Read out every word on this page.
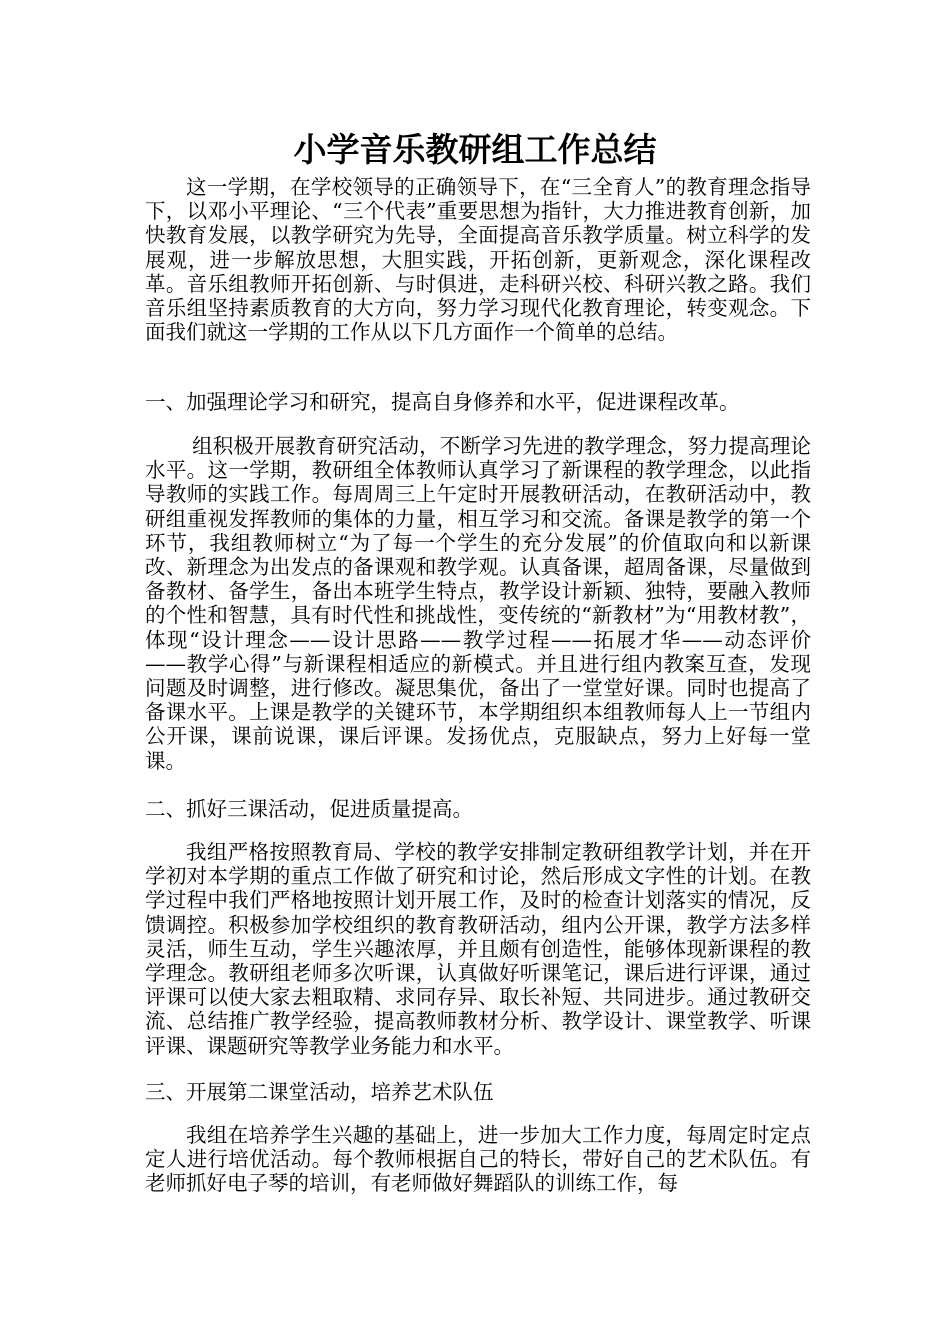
小学音乐教研组工作总结

这一学期，在学校领导的正确领导下，在“三全育人”的教育理念指导下，以邓小平理论、“三个代表”重要思想为指针，大力推进教育创新，加快教育发展，以教学研究为先导，全面提高音乐教学质量。树立科学的发展观，进一步解放思想，大胆实践，开拓创新，更新观念，深化课程改革。音乐组教师开拓创新、与时俱进，走科研兴校、科研兴教之路。我们音乐组坚持素质教育的大方向，努力学习现代化教育理论，转变观念。下面我们就这一学期的工作从以下几方面作一个简单的总结。

一、加强理论学习和研究，提高自身修养和水平，促进课程改革。

组积极开展教育研究活动，不断学习先进的教学理念，努力提高理论水平。这一学期，教研组全体教师认真学习了新课程的教学理念，以此指导教师的实践工作。每周周三上午定时开展教研活动，在教研活动中，教研组重视发挥教师的集体的力量，相互学习和交流。备课是教学的第一个环节，我组教师树立“为了每一个学生的充分发展”的价值取向和以新课改、新理念为出发点的备课观和教学观。认真备课，超周备课，尽量做到备教材、备学生，备出本班学生特点，教学设计新颖、独特，要融入教师的个性和智慧，具有时代性和挑战性，变传统的“新教材”为“用教材教”，体现“设计理念——设计思路——教学过程——拓展才华——动态评价——教学心得”与新课程相适应的新模式。并且进行组内教案互查，发现问题及时调整，进行修改。凝思集优，备出了一堂堂好课。同时也提高了备课水平。上课是教学的关键环节，本学期组织本组教师每人上一节组内公开课，课前说课，课后评课。发扬优点，克服缺点，努力上好每一堂课。

二、抓好三课活动，促进质量提高。

我组严格按照教育局、学校的教学安排制定教研组教学计划，并在开学初对本学期的重点工作做了研究和讨论，然后形成文字性的计划。在教学过程中我们严格地按照计划开展工作，及时的检查计划落实的情况，反馈调控。积极参加学校组织的教育教研活动，组内公开课，教学方法多样灵活，师生互动，学生兴趣浓厚，并且颇有创造性，能够体现新课程的教学理念。教研组老师多次听课，认真做好听课笔记，课后进行评课，通过评课可以使大家去粗取精、求同存异、取长补短、共同进步。通过教研交流、总结推广教学经验，提高教师教材分析、教学设计、课堂教学、听课评课、课题研究等教学业务能力和水平。

三、开展第二课堂活动，培养艺术队伍

我组在培养学生兴趣的基础上，进一步加大工作力度，每周定时定点定人进行培优活动。每个教师根据自己的特长，带好自己的艺术队伍。有老师抓好电子琴的培训，有老师做好舞蹈队的训练工作，每
